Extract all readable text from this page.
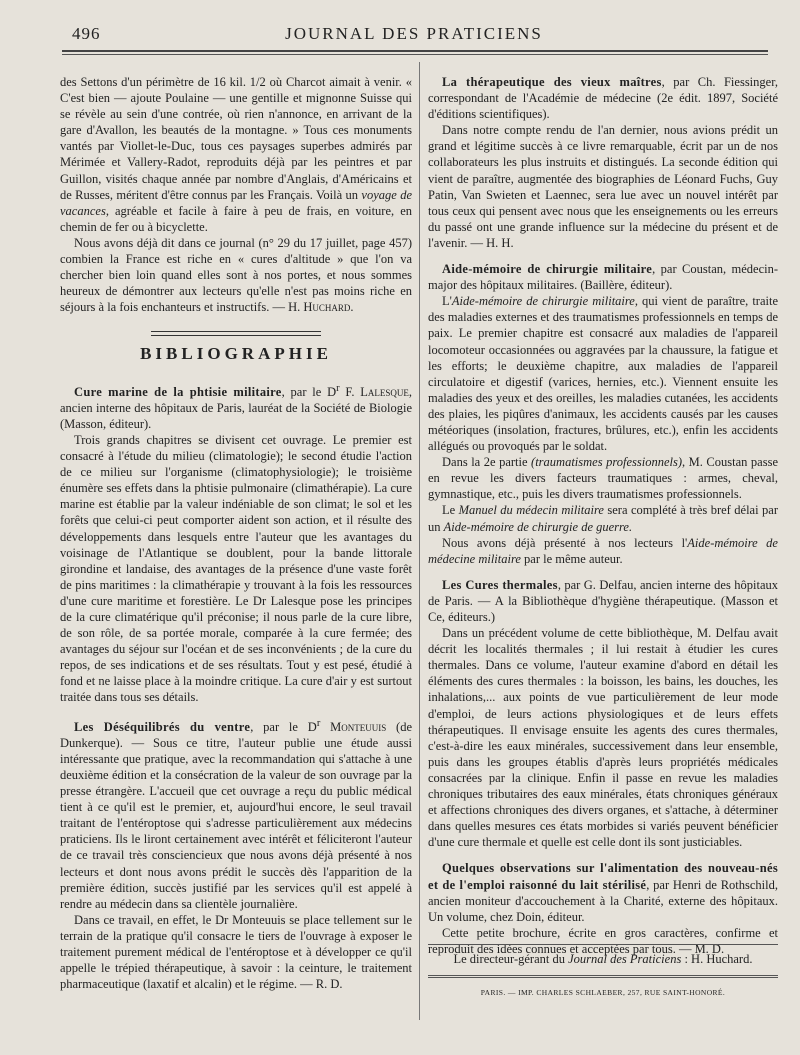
496	JOURNAL DES PRATICIENS

des Settons d'un périmètre de 16 kil. 1/2 où Charcot aimait à venir. « C'est bien — ajoute Poulaine — une gentille et mignonne Suisse qui se révèle au sein d'une contrée, où rien n'annonce, en arrivant de la gare d'Avallon, les beautés de la montagne. » Tous ces monuments vantés par Viollet-le-Duc, tous ces paysages superbes admirés par Mérimée et Vallery-Radot, reproduits déjà par les peintres et par Guillon, visités chaque année par nombre d'Anglais, d'Américains et de Russes, méritent d'être connus par les Français. Voilà un voyage de vacances, agréable et facile à faire à peu de frais, en voiture, en chemin de fer ou à bicyclette.

Nous avons déjà dit dans ce journal (n° 29 du 17 juillet, page 457) combien la France est riche en « cures d'altitude » que l'on va chercher bien loin quand elles sont à nos portes, et nous sommes heureux de démontrer aux lecteurs qu'elle n'est pas moins riche en séjours à la fois enchanteurs et instructifs. — H. Huchard.

BIBLIOGRAPHIE

Cure marine de la phtisie militaire, par le $D^r$ F. Lalesque, ancien interne des hôpitaux de Paris, lauréat de la Société de Biologie (Masson, éditeur).

Trois grands chapitres se divisent cet ouvrage. Le premier est consacré à l'étude du milieu (climatologie); le second étudie l'action de ce milieu sur l'organisme (climatophysiologie); le troisième énumère ses effets dans la phtisie pulmonaire (climathérapie). La cure marine est établie par la valeur indéniable de son climat; le sol et les forêts que celui-ci peut comporter aident son action, et il résulte des développements dans lesquels entre l'auteur que les avantages du voisinage de l'Atlantique se doublent, pour la bande littorale girondine et landaise, des avantages de la présence d'une vaste forêt de pins maritimes : la climathérapie y trouvant à la fois les ressources d'une cure maritime et forestière. Le Dr Lalesque pose les principes de la cure climatérique qu'il préconise; il nous parle de la cure libre, de son rôle, de sa portée morale, comparée à la cure fermée; des avantages du séjour sur l'océan et de ses inconvénients ; de la cure du repos, de ses indications et de ses résultats. Tout y est pesé, étudié à fond et ne laisse place à la moindre critique. La cure d'air y est surtout traitée dans tous ses détails.

Les Déséquilibrés du ventre, par le $D^r$ Monteuuis (de Dunkerque). — Sous ce titre, l'auteur publie une étude aussi intéressante que pratique, avec la recommandation qui s'attache à une deuxième édition et la consécration de la valeur de son ouvrage par la presse étrangère. L'accueil que cet ouvrage a reçu du public médical tient à ce qu'il est le premier, et, aujourd'hui encore, le seul travail traitant de l'entéroptose qui s'adresse particulièrement aux médecins praticiens. Ils le liront certainement avec intérêt et féliciteront l'auteur de ce travail très consciencieux que nous avons déjà présenté à nos lecteurs et dont nous avons prédit le succès dès l'apparition de la première édition, succès justifié par les services qu'il est appelé à rendre au médecin dans sa clientèle journalière.

Dans ce travail, en effet, le Dr Monteuuis se place tellement sur le terrain de la pratique qu'il consacre le tiers de l'ouvrage à exposer le traitement purement médical de l'entéroptose et à développer ce qu'il appelle le trépied thérapeutique, à savoir : la ceinture, le traitement pharmaceutique (laxatif et alcalin) et le régime. — R. D.

La thérapeutique des vieux maîtres, par Ch. Fiessinger, correspondant de l'Académie de médecine (2e édit. 1897, Société d'éditions scientifiques).

Dans notre compte rendu de l'an dernier, nous avions prédit un grand et légitime succès à ce livre remarquable, écrit par un de nos collaborateurs les plus instruits et distingués. La seconde édition qui vient de paraître, augmentée des biographies de Léonard Fuchs, Guy Patin, Van Swieten et Laennec, sera lue avec un nouvel intérêt par tous ceux qui pensent avec nous que les enseignements ou les erreurs du passé ont une grande influence sur la médecine du présent et de l'avenir. — H. H.

Aide-mémoire de chirurgie militaire, par Coustan, médecin-major des hôpitaux militaires. (Baillère, éditeur).

L'Aide-mémoire de chirurgie militaire, qui vient de paraître, traite des maladies externes et des traumatismes professionnels en temps de paix. Le premier chapitre est consacré aux maladies de l'appareil locomoteur occasionnées ou aggravées par la chaussure, la fatigue et les efforts; le deuxième chapitre, aux maladies de l'appareil circulatoire et digestif (varices, hernies, etc.). Viennent ensuite les maladies des yeux et des oreilles, les maladies cutanées, les accidents des plaies, les piqûres d'animaux, les accidents causés par les causes météoriques (insolation, fractures, brûlures, etc.), enfin les accidents allégués ou provoqués par le soldat.

Dans la 2e partie (traumatismes professionnels), M. Coustan passe en revue les divers facteurs traumatiques : armes, cheval, gymnastique, etc., puis les divers traumatismes professionnels.

Le Manuel du médecin militaire sera complété à très bref délai par un Aide-mémoire de chirurgie de guerre.

Nous avons déjà présenté à nos lecteurs l'Aide-mémoire de médecine militaire par le même auteur.

Les Cures thermales, par G. Delfau, ancien interne des hôpitaux de Paris. — A la Bibliothèque d'hygiène thérapeutique. (Masson et Ce, éditeurs.)

Dans un précédent volume de cette bibliothèque, M. Delfau avait décrit les localités thermales ; il lui restait à étudier les cures thermales. Dans ce volume, l'auteur examine d'abord en détail les éléments des cures thermales : la boisson, les bains, les douches, les inhalations,... aux points de vue particulièrement de leur mode d'emploi, de leurs actions physiologiques et de leurs effets thérapeutiques. Il envisage ensuite les agents des cures thermales, c'est-à-dire les eaux minérales, successivement dans leur ensemble, puis dans les groupes établis d'après leurs propriétés médicales consacrées par la clinique. Enfin il passe en revue les maladies chroniques tributaires des eaux minérales, états chroniques généraux et affections chroniques des divers organes, et s'attache, à déterminer dans quelles mesures ces états morbides si variés peuvent bénéficier d'une cure thermale et quelle est celle dont ils sont justiciables.

Quelques observations sur l'alimentation des nouveau-nés et de l'emploi raisonné du lait stérilisé, par Henri de Rothschild, ancien moniteur d'accouchement à la Charité, externe des hôpitaux. Un volume, chez Doin, éditeur.

Cette petite brochure, écrite en gros caractères, confirme et reproduit des idées connues et acceptées par tous. — M. D.

Le directeur-gérant du Journal des Praticiens : H. Huchard.
PARIS. — IMP. CHARLES SCHLAEBER, 257, RUE SAINT-HONORÉ.
